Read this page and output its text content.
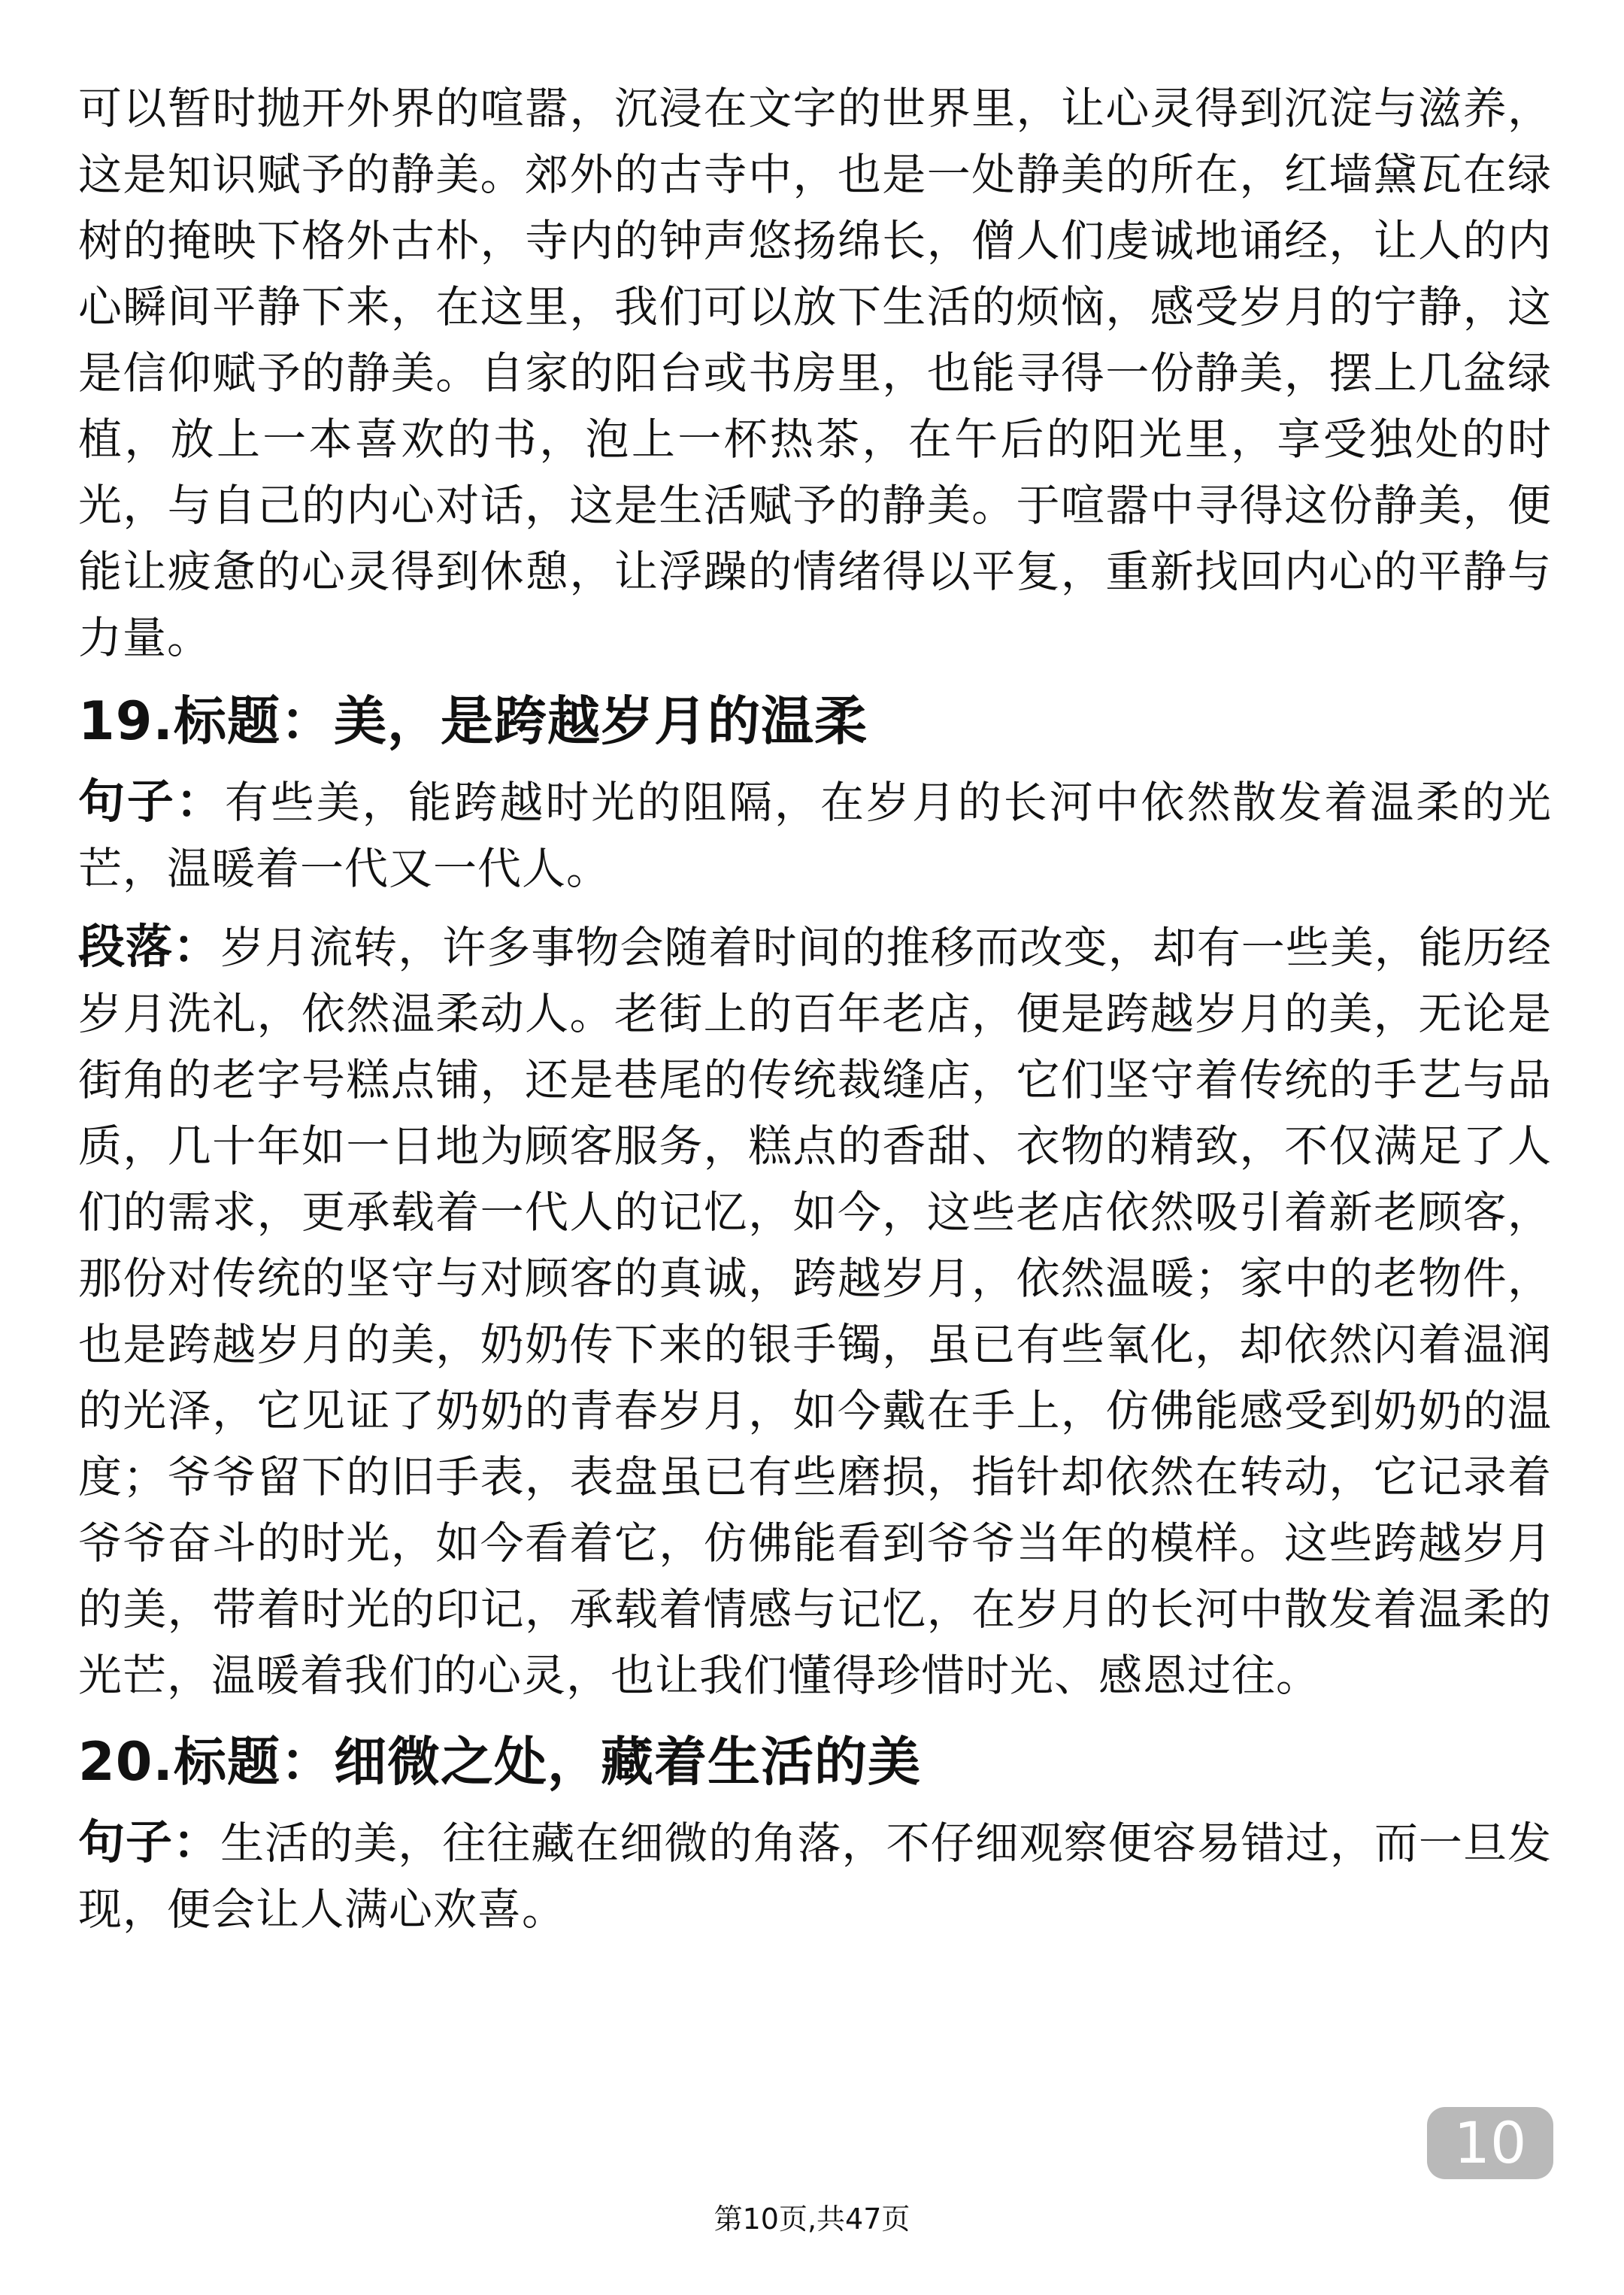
可以暂时抛开外界的喧嚣，沉浸在文字的世界里，让心灵得到沉淀与滋养，这是知识赋予的静美。郊外的古寺中，也是一处静美的所在，红墙黛瓦在绿树的掩映下格外古朴，寺内的钟声悠扬绵长，僧人们虔诚地诵经，让人的内心瞬间平静下来，在这里，我们可以放下生活的烦恼，感受岁月的宁静，这是信仰赋予的静美。自家的阳台或书房里，也能寻得一份静美，摆上几盆绿植，放上一本喜欢的书，泡上一杯热茶，在午后的阳光里，享受独处的时光，与自己的内心对话，这是生活赋予的静美。于喧嚣中寻得这份静美，便能让疲惫的心灵得到休憩，让浮躁的情绪得以平复，重新找回内心的平静与力量。

19.标题：美，是跨越岁月的温柔

句子：有些美，能跨越时光的阻隔，在岁月的长河中依然散发着温柔的光芒，温暖着一代又一代人。

段落：岁月流转，许多事物会随着时间的推移而改变，却有一些美，能历经岁月洗礼，依然温柔动人。老街上的百年老店，便是跨越岁月的美，无论是街角的老字号糕点铺，还是巷尾的传统裁缝店，它们坚守着传统的手艺与品质，几十年如一日地为顾客服务，糕点的香甜、衣物的精致，不仅满足了人们的需求，更承载着一代人的记忆，如今，这些老店依然吸引着新老顾客，那份对传统的坚守与对顾客的真诚，跨越岁月，依然温暖；家中的老物件，也是跨越岁月的美，奶奶传下来的银手镯，虽已有些氧化，却依然闪着温润的光泽，它见证了奶奶的青春岁月，如今戴在手上，仿佛能感受到奶奶的温度；爷爷留下的旧手表，表盘虽已有些磨损，指针却依然在转动，它记录着爷爷奋斗的时光，如今看着它，仿佛能看到爷爷当年的模样。这些跨越岁月的美，带着时光的印记，承载着情感与记忆，在岁月的长河中散发着温柔的光芒，温暖着我们的心灵，也让我们懂得珍惜时光、感恩过往。

20.标题：细微之处，藏着生活的美

句子：生活的美，往往藏在细微的角落，不仔细观察便容易错过，而一旦发现，便会让人满心欢喜。

10
第10页,共47页
